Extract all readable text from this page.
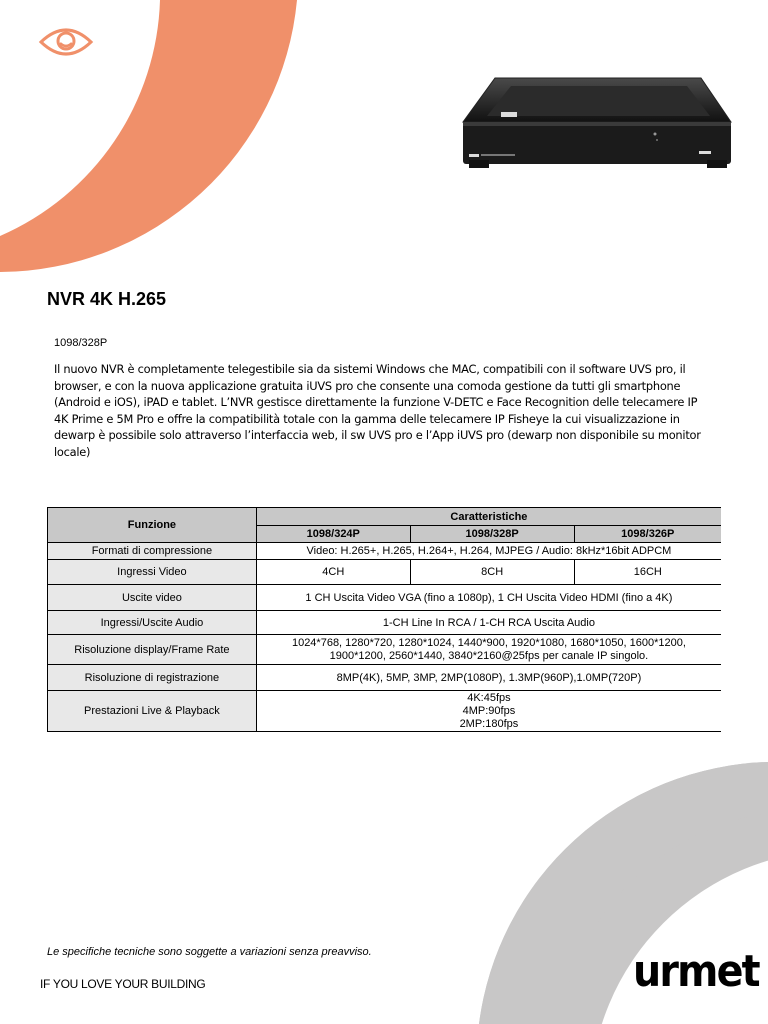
NVR 4K H.265
1098/328P
Il nuovo NVR è completamente telegestibile sia da sistemi Windows che MAC, compatibili con il software UVS pro, il browser, e con la nuova applicazione gratuita iUVS pro che consente una comoda gestione da tutti gli smartphone (Android e iOS), iPAD e tablet. L’NVR gestisce direttamente la funzione V-DETC e Face Recognition delle telecamere IP 4K Prime e 5M Pro e offre la compatibilità totale con la gamma delle telecamere IP Fisheye la cui visualizzazione in dewarp è possibile solo attraverso l’interfaccia web, il sw UVS pro e l’App iUVS pro (dewarp non disponibile su monitor locale)
Funzione	Caratteristiche		
	1098/324P	1098/328P	1098/326P
Formati di compressione	Video: H.265+, H.265, H.264+, H.264, MJPEG / Audio: 8kHz*16bit ADPCM		
Ingressi Video	4CH	8CH	16CH
Uscite video	1 CH Uscita Video VGA (fino a 1080p), 1 CH Uscita Video HDMI (fino a 4K)		
Ingressi/Uscite Audio	1-CH Line In RCA / 1-CH RCA Uscita Audio		
Risoluzione display/Frame Rate	1024*768, 1280*720, 1280*1024, 1440*900, 1920*1080, 1680*1050, 1600*1200,
1900*1200, 2560*1440, 3840*2160@25fps per canale IP singolo.		

Risoluzione di registrazione	8MP(4K), 5MP, 3MP, 2MP(1080P), 1.3MP(960P),1.0MP(720P)		
Prestazioni Live & Playback	4K:45fps
4MP:90fps
2MP:180fps		
Le specifiche tecniche sono soggette a variazioni senza preavviso.
IF YOU LOVE YOUR BUILDING	urmet
